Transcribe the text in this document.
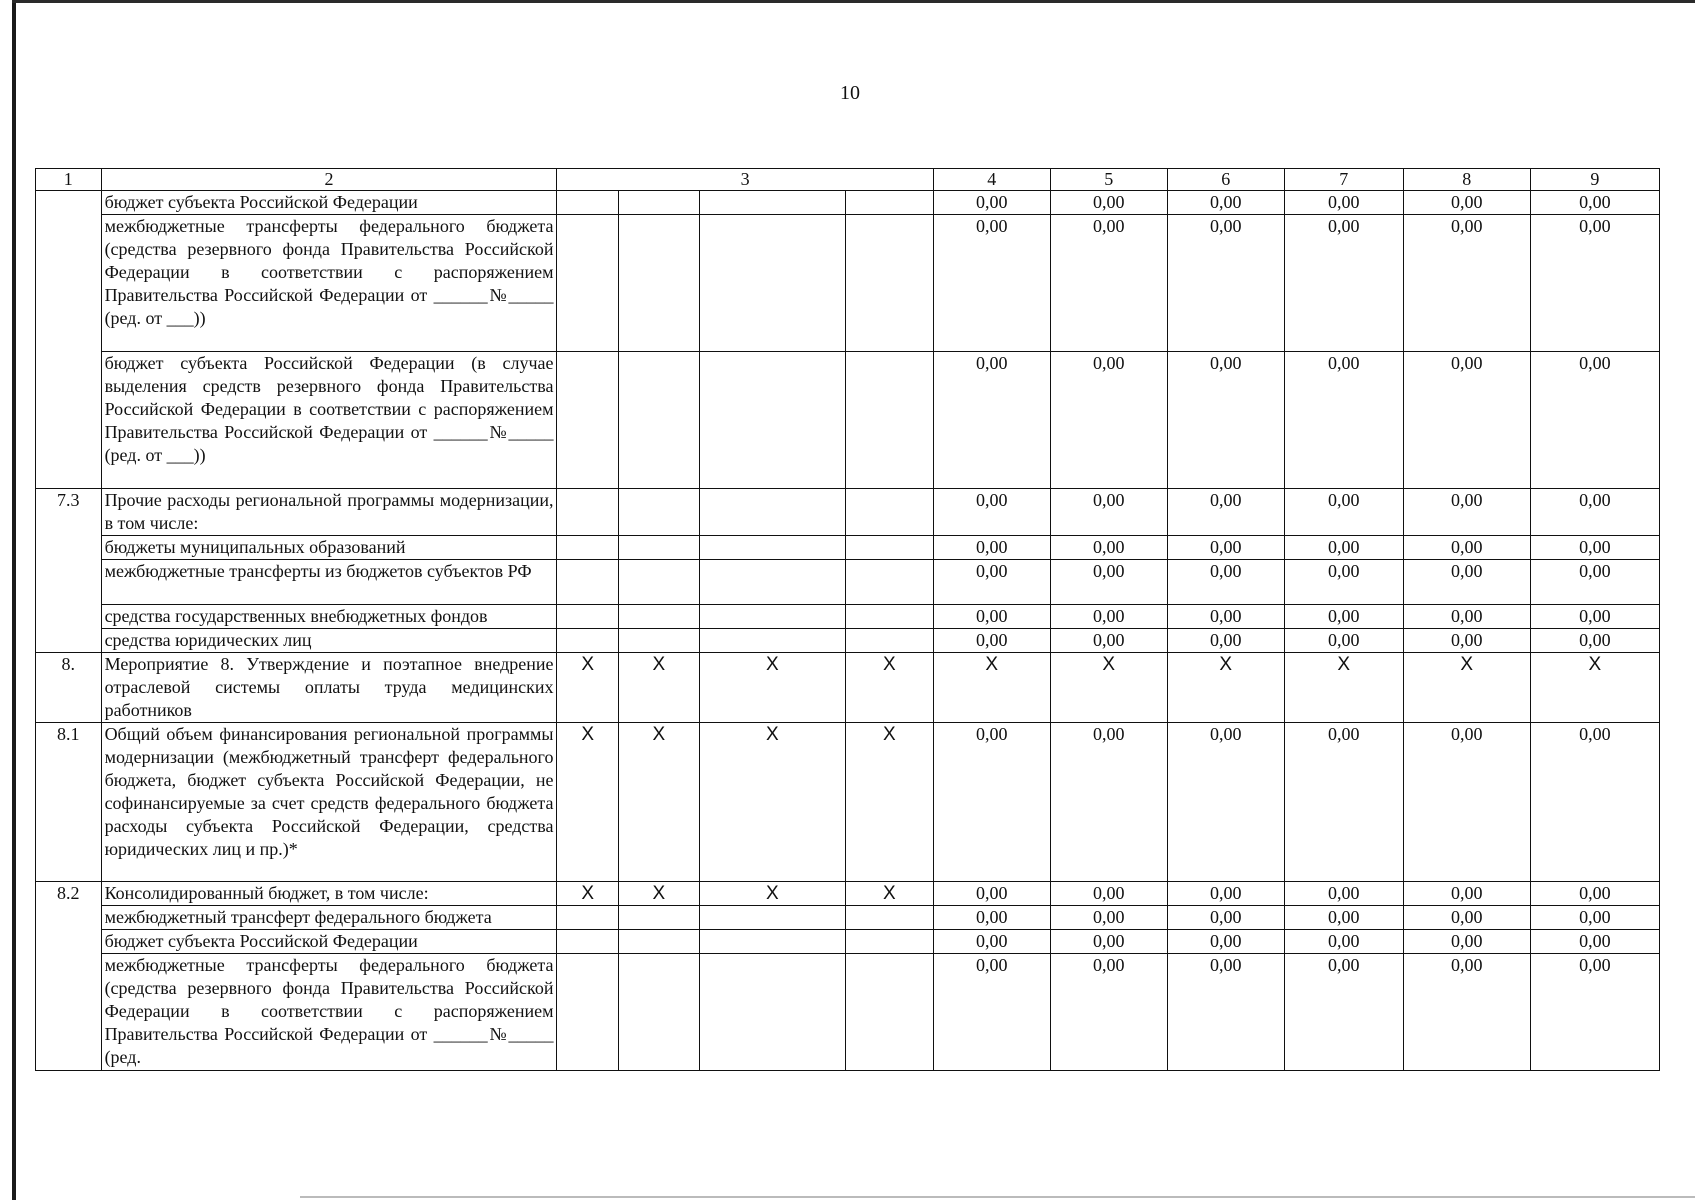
10
1	2	3				4	5	6	7	8	9
	бюджет субъекта Российской Федерации					0,00	0,00	0,00	0,00	0,00	0,00
	межбюджетные трансферты федерального бюджета (средства резервного фонда Правительства Российской Федерации в соответствии с распоряжением Правительства Российской Федерации от ______№_____ (ред. от ___))					0,00	0,00	0,00	0,00	0,00	0,00
	бюджет субъекта Российской Федерации (в случае выделения средств резервного фонда Правительства Российской Федерации в соответствии с распоряжением Правительства Российской Федерации от ______№_____ (ред. от ___))					0,00	0,00	0,00	0,00	0,00	0,00
7.3	Прочие расходы региональной программы модернизации, в том числе:					0,00	0,00	0,00	0,00	0,00	0,00
	бюджеты муниципальных образований					0,00	0,00	0,00	0,00	0,00	0,00
	межбюджетные трансферты из бюджетов субъектов РФ					0,00	0,00	0,00	0,00	0,00	0,00
	средства государственных внебюджетных фондов					0,00	0,00	0,00	0,00	0,00	0,00
	средства юридических лиц					0,00	0,00	0,00	0,00	0,00	0,00
8.	Мероприятие 8. Утверждение и поэтапное внедрение отраслевой системы оплаты труда медицинских работников	Х	Х	Х	Х	Х	Х	Х	Х	Х	Х
8.1	Общий объем финансирования региональной программы модернизации (межбюджетный трансферт федерального бюджета, бюджет субъекта Российской Федерации, не софинансируемые за счет средств федерального бюджета расходы субъекта Российской Федерации, средства юридических лиц и пр.)*	Х	Х	Х	Х	0,00	0,00	0,00	0,00	0,00	0,00
8.2	Консолидированный бюджет, в том числе:	Х	Х	Х	Х	0,00	0,00	0,00	0,00	0,00	0,00
	межбюджетный трансферт федерального бюджета					0,00	0,00	0,00	0,00	0,00	0,00
	бюджет субъекта Российской Федерации					0,00	0,00	0,00	0,00	0,00	0,00
	межбюджетные трансферты федерального бюджета (средства резервного фонда Правительства Российской Федерации в соответствии с распоряжением Правительства Российской Федерации от ______№_____ (ред.					0,00	0,00	0,00	0,00	0,00	0,00
